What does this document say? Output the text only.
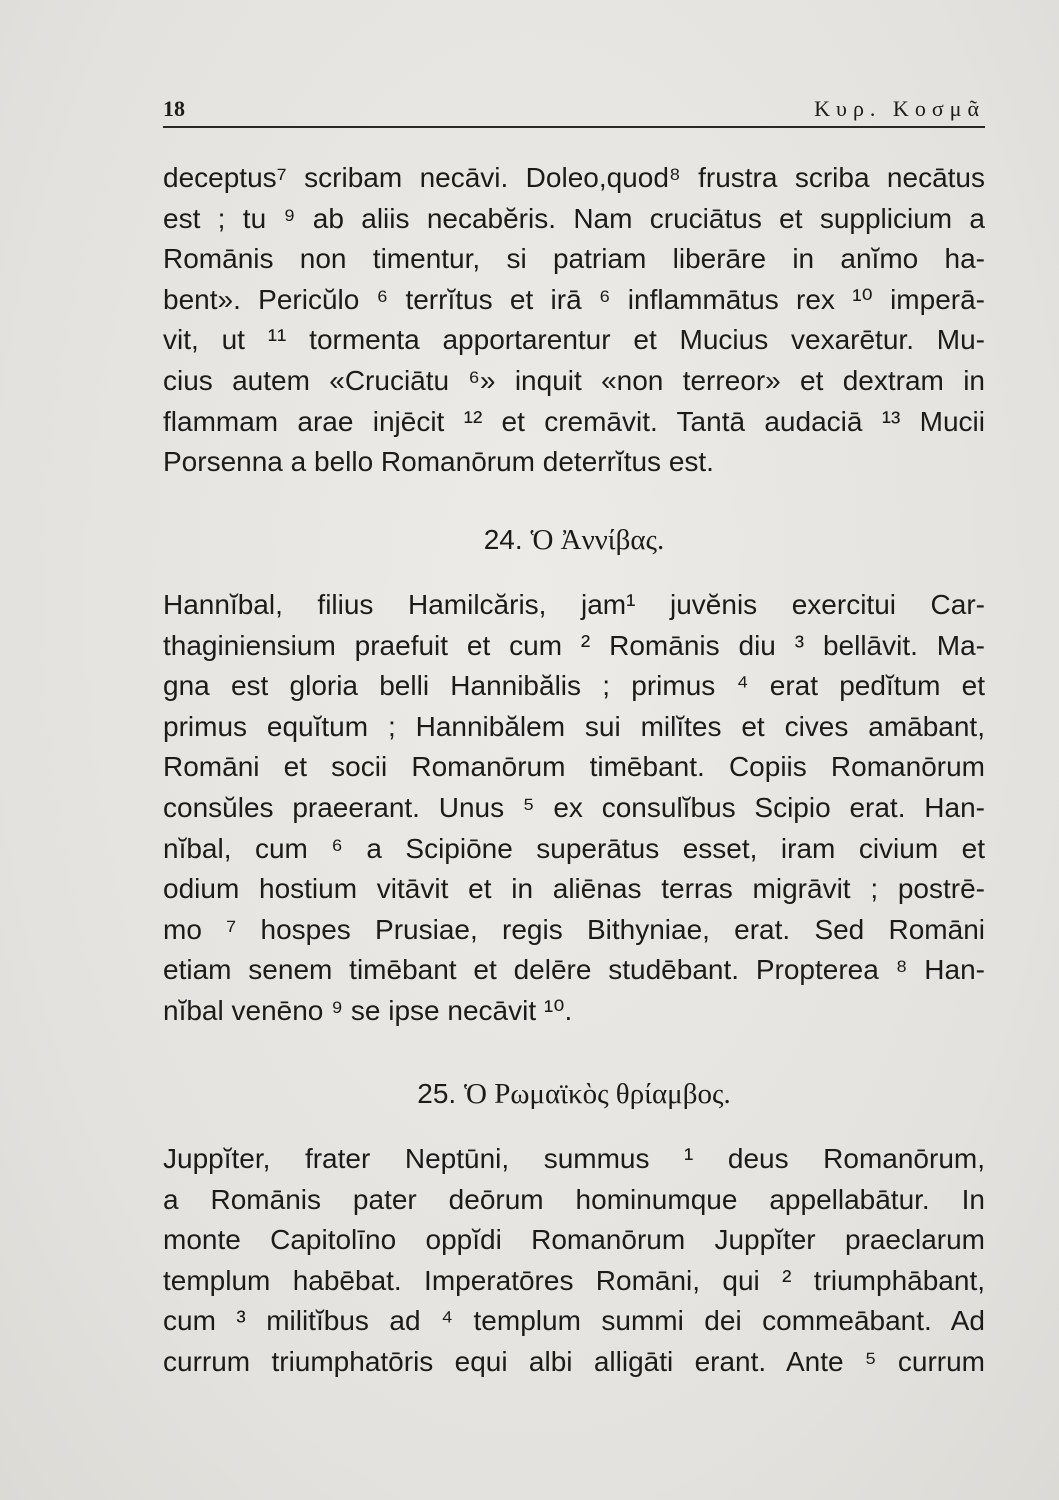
18	Κυρ. Κοσμᾶ
deceptus⁷ scribam necāvi. Doleo,quod⁸ frustra scriba necātus
est ; tu ⁹ ab aliis necabĕris. Nam cruciātus et supplicium a
Romānis non timentur, si patriam liberāre in anĭmo ha-
bent». Pericŭlo ⁶ terrĭtus et irā ⁶ inflammātus rex ¹⁰ imperā-
vit, ut ¹¹ tormenta apportarentur et Mucius vexarētur. Mu-
cius autem «Cruciātu ⁶» inquit «non terreor» et dextram in
flammam arae injēcit ¹² et cremāvit. Tantā audaciā ¹³ Mucii
Porsenna a bello Romanōrum deterrĭtus est.
24. Ὁ Ἀννίβας.
Hannĭbal, filius Hamilcăris, jam¹ juvĕnis exercitui Car-
thaginiensium praefuit et cum ² Romānis diu ³ bellāvit. Ma-
gna est gloria belli Hannibălis ; primus ⁴ erat pedĭtum et
primus equĭtum ; Hannibălem sui milĭtes et cives amābant,
Romāni et socii Romanōrum timēbant. Copiis Romanōrum
consŭles praeerant. Unus ⁵ ex consulĭbus Scipio erat. Han-
nĭbal, cum ⁶ a Scipiōne superātus esset, iram civium et
odium hostium vitāvit et in aliēnas terras migrāvit ; postrē-
mo ⁷ hospes Prusiae, regis Bithyniae, erat. Sed Romāni
etiam senem timēbant et delēre studēbant. Propterea ⁸ Han-
nĭbal venēno ⁹ se ipse necāvit ¹⁰.
25. Ὁ Ρωμαϊκὸς θρίαμβος.
Juppĭter, frater Neptūni, summus ¹ deus Romanōrum,
a Romānis pater deōrum hominumque appellabātur. In
monte Capitolīno oppĭdi Romanōrum Juppĭter praeclarum
templum habēbat. Imperatōres Romāni, qui ² triumphābant,
cum ³ militĭbus ad ⁴ templum summi dei commeābant. Ad
currum triumphatōris equi albi alligāti erant. Ante ⁵ currum
